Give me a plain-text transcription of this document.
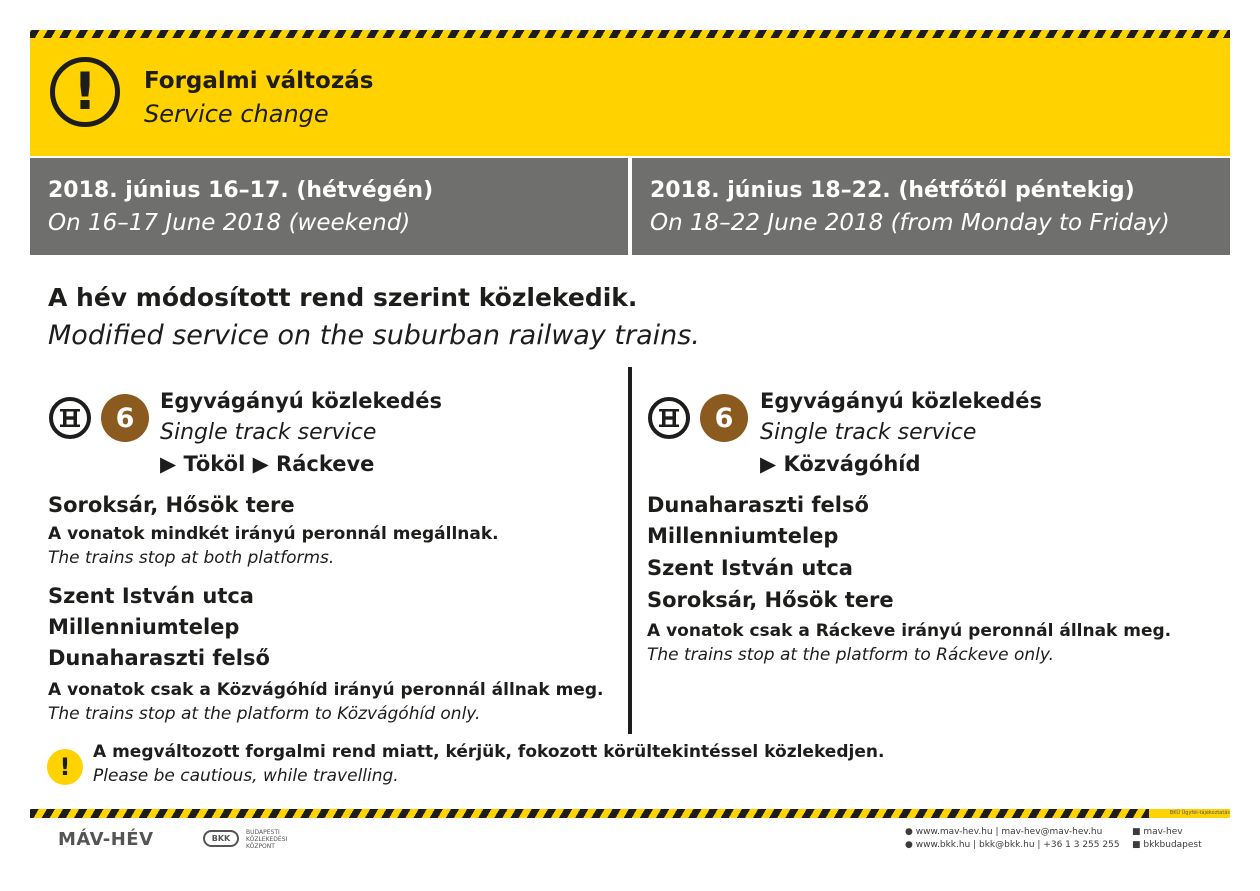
!	Forgalmi változás
Service change
2018. június 16–17. (hétvégén)
On 16–17 June 2018 (weekend)
2018. június 18–22. (hétfőtől péntekig)
On 18–22 June 2018 (from Monday to Friday)
A hév módosított rend szerint közlekedik.
Modified service on the suburban railway trains.
6
Egyvágányú közlekedés
Single track service
▶ Tököl ▶ Ráckeve
Soroksár, Hősök tere
A vonatok mindkét irányú peronnál megállnak.
The trains stop at both platforms.
Szent István utca
Millenniumtelep
Dunaharaszti felső
A vonatok csak a Közvágóhíd irányú peronnál állnak meg.
The trains stop at the platform to Közvágóhíd only.
6
Egyvágányú közlekedés
Single track service
▶ Közvágóhíd
Dunaharaszti felső
Millenniumtelep
Szent István utca
Soroksár, Hősök tere
A vonatok csak a Ráckeve irányú peronnál állnak meg.
The trains stop at the platform to Ráckeve only.
!
A megváltozott forgalmi rend miatt, kérjük, fokozott körültekintéssel közlekedjen.
Please be cautious, while travelling.
BKÜ Ügyfél-tájékoztatás
MÁV-HÉV	BKK
BUDAPESTI KÖZLEKEDÉSI KÖZPONT
● www.mav-hev.hu | mav-hev@mav-hev.hu
● www.bkk.hu | bkk@bkk.hu | +36 1 3 255 255
■ mav-hev
■ bkkbudapest
